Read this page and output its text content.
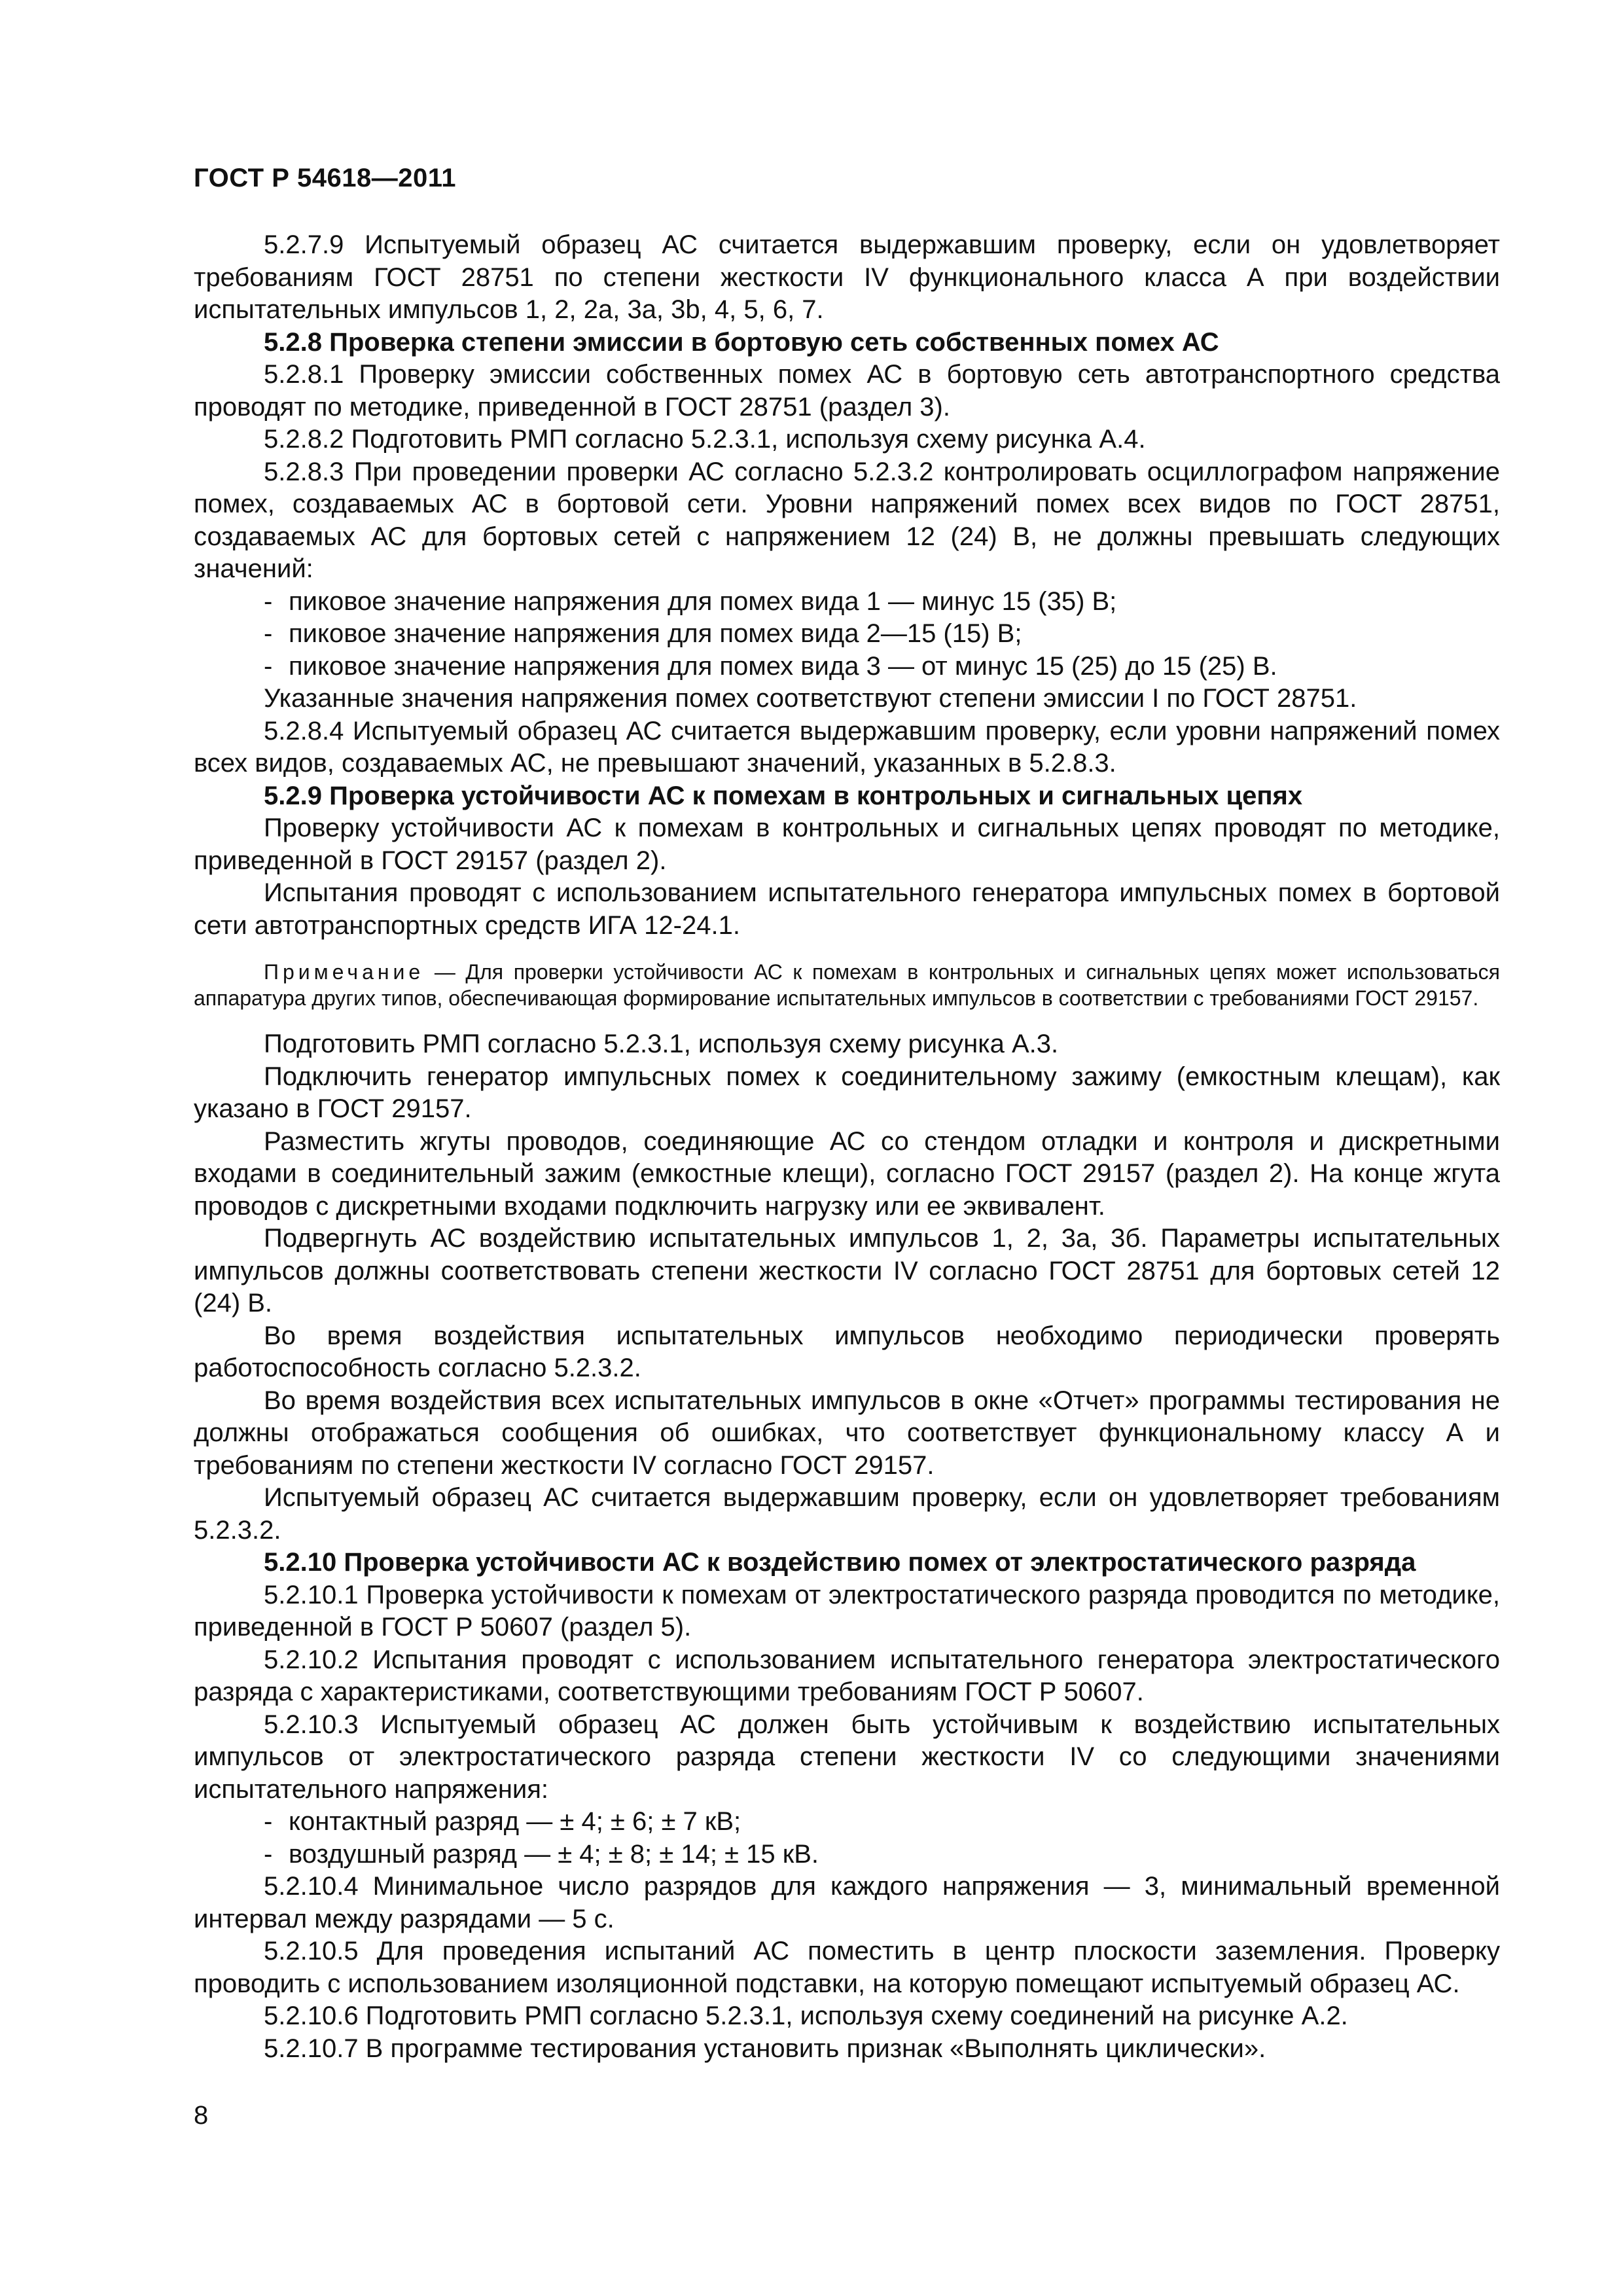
ГОСТ Р 54618—2011

5.2.7.9 Испытуемый образец АС считается выдержавшим проверку, если он удовлетворяет требованиям ГОСТ 28751 по степени жесткости IV функционального класса А при воздействии испытательных импульсов 1, 2, 2a, 3a, 3b, 4, 5, 6, 7.

5.2.8 Проверка степени эмиссии в бортовую сеть собственных помех АС

5.2.8.1 Проверку эмиссии собственных помех АС в бортовую сеть автотранспортного средства проводят по методике, приведенной в ГОСТ 28751 (раздел 3).

5.2.8.2 Подготовить РМП согласно 5.2.3.1, используя схему рисунка А.4.

5.2.8.3 При проведении проверки АС согласно 5.2.3.2 контролировать осциллографом напряжение помех, создаваемых АС в бортовой сети. Уровни напряжений помех всех видов по ГОСТ 28751, создаваемых АС для бортовых сетей с напряжением 12 (24) В, не должны превышать следующих значений:

- пиковое значение напряжения для помех вида 1 — минус 15 (35) В;

- пиковое значение напряжения для помех вида 2—15 (15) В;

- пиковое значение напряжения для помех вида 3 — от минус 15 (25) до 15 (25) В.

Указанные значения напряжения помех соответствуют степени эмиссии I по ГОСТ 28751.

5.2.8.4 Испытуемый образец АС считается выдержавшим проверку, если уровни напряжений помех всех видов, создаваемых АС, не превышают значений, указанных в 5.2.8.3.

5.2.9 Проверка устойчивости АС к помехам в контрольных и сигнальных цепях

Проверку устойчивости АС к помехам в контрольных и сигнальных цепях проводят по методике, приведенной в ГОСТ 29157 (раздел 2).

Испытания проводят с использованием испытательного генератора импульсных помех в бортовой сети автотранспортных средств ИГА 12-24.1.

Примечание — Для проверки устойчивости АС к помехам в контрольных и сигнальных цепях может использоваться аппаратура других типов, обеспечивающая формирование испытательных импульсов в соответствии с требованиями ГОСТ 29157.

Подготовить РМП согласно 5.2.3.1, используя схему рисунка А.3.

Подключить генератор импульсных помех к соединительному зажиму (емкостным клещам), как указано в ГОСТ 29157.

Разместить жгуты проводов, соединяющие АС со стендом отладки и контроля и дискретными входами в соединительный зажим (емкостные клещи), согласно ГОСТ 29157 (раздел 2). На конце жгута проводов с дискретными входами подключить нагрузку или ее эквивалент.

Подвергнуть АС воздействию испытательных импульсов 1, 2, 3а, 3б. Параметры испытательных импульсов должны соответствовать степени жесткости IV согласно ГОСТ 28751 для бортовых сетей 12 (24) В.

Во время воздействия испытательных импульсов необходимо периодически проверять работоспособность согласно 5.2.3.2.

Во время воздействия всех испытательных импульсов в окне «Отчет» программы тестирования не должны отображаться сообщения об ошибках, что соответствует функциональному классу А и требованиям по степени жесткости IV согласно ГОСТ 29157.

Испытуемый образец АС считается выдержавшим проверку, если он удовлетворяет требованиям 5.2.3.2.

5.2.10 Проверка устойчивости АС к воздействию помех от электростатического разряда

5.2.10.1 Проверка устойчивости к помехам от электростатического разряда проводится по методике, приведенной в ГОСТ Р 50607 (раздел 5).

5.2.10.2 Испытания проводят с использованием испытательного генератора электростатического разряда с характеристиками, соответствующими требованиям ГОСТ Р 50607.

5.2.10.3 Испытуемый образец АС должен быть устойчивым к воздействию испытательных импульсов от электростатического разряда степени жесткости IV со следующими значениями испытательного напряжения:

- контактный разряд — ± 4; ± 6; ± 7 кВ;

- воздушный разряд — ± 4; ± 8; ± 14; ± 15 кВ.

5.2.10.4 Минимальное число разрядов для каждого напряжения — 3, минимальный временной интервал между разрядами — 5 с.

5.2.10.5 Для проведения испытаний АС поместить в центр плоскости заземления. Проверку проводить с использованием изоляционной подставки, на которую помещают испытуемый образец АС.

5.2.10.6 Подготовить РМП согласно 5.2.3.1, используя схему соединений на рисунке А.2.

5.2.10.7 В программе тестирования установить признак «Выполнять циклически».

8
